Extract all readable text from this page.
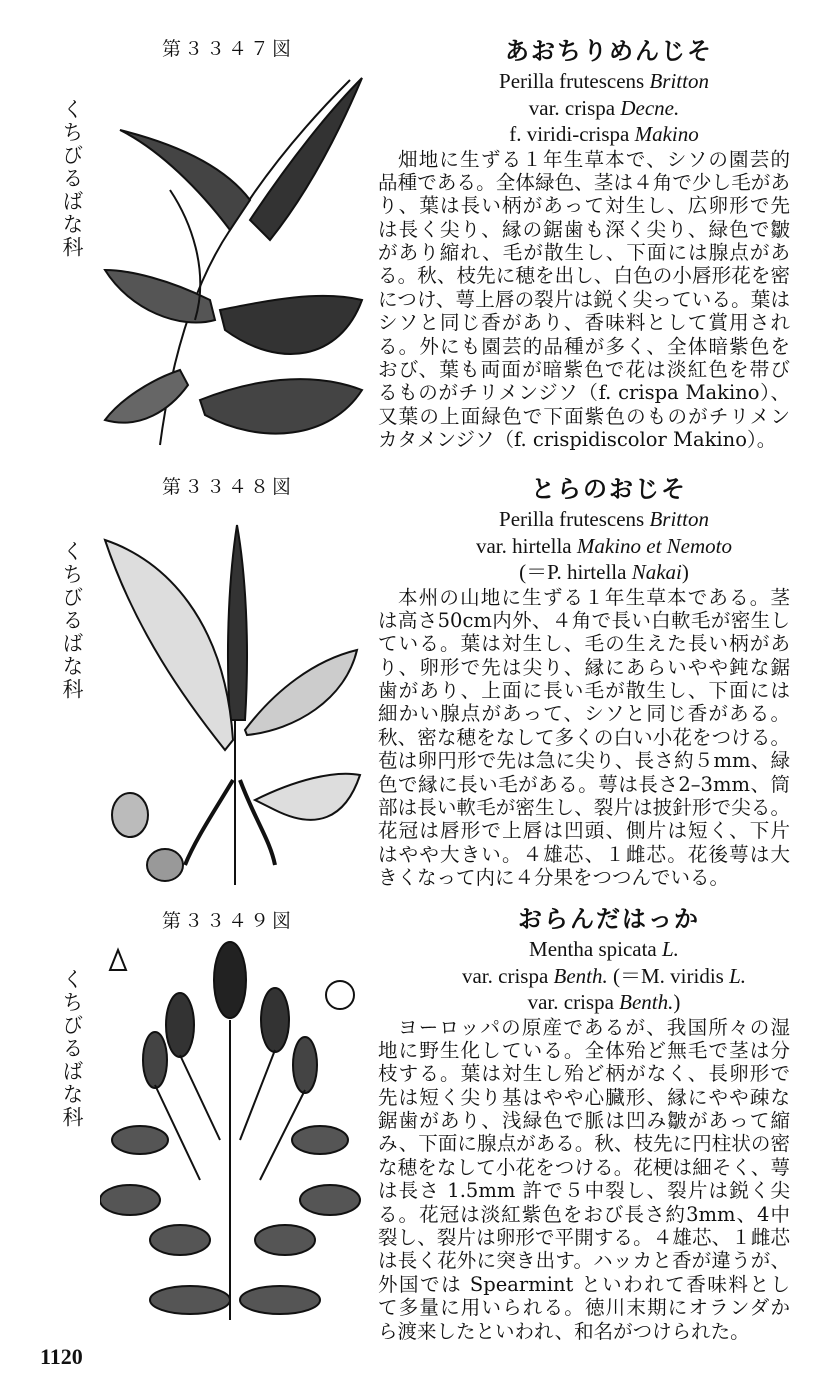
第３３４７図
くちびるばな科
あおちりめんじそ
Perilla frutescens Britton
var. crispa Decne.
f. viridi-crispa Makino
畑地に生ずる１年生草本で、シソの園芸的
品種である。全体緑色、茎は４角で少し毛があ
り、葉は長い柄があって対生し、広卵形で先
は長く尖り、縁の鋸歯も深く尖り、緑色で皺
があり縮れ、毛が散生し、下面には腺点があ
る。秋、枝先に穂を出し、白色の小唇形花を密
につけ、萼上唇の裂片は鋭く尖っている。葉は
シソと同じ香があり、香味料として賞用され
る。外にも園芸的品種が多く、全体暗紫色を
おび、葉も両面が暗紫色で花は淡紅色を帯び
るものがチリメンジソ（f. crispa Makino）、
又葉の上面緑色で下面紫色のものがチリメン
カタメンジソ（f. crispidiscolor Makino）。
第３３４８図
くちびるばな科
とらのおじそ
Perilla frutescens Britton
var. hirtella Makino et Nemoto
(＝P. hirtella Nakai)
本州の山地に生ずる１年生草本である。茎
は高さ50cm内外、４角で長い白軟毛が密生し
ている。葉は対生し、毛の生えた長い柄があ
り、卵形で先は尖り、縁にあらいやや鈍な鋸
歯があり、上面に長い毛が散生し、下面には
細かい腺点があって、シソと同じ香がある。
秋、密な穂をなして多くの白い小花をつける。
苞は卵円形で先は急に尖り、長さ約５mm、緑
色で縁に長い毛がある。萼は長さ2–3mm、筒
部は長い軟毛が密生し、裂片は披針形で尖る。
花冠は唇形で上唇は凹頭、側片は短く、下片
はやや大きい。４雄芯、１雌芯。花後萼は大
きくなって内に４分果をつつんでいる。
第３３４９図
くちびるばな科
おらんだはっか
Mentha spicata L.
var. crispa Benth. (＝M. viridis L.
var. crispa Benth.)
ヨーロッパの原産であるが、我国所々の湿
地に野生化している。全体殆ど無毛で茎は分
枝する。葉は対生し殆ど柄がなく、長卵形で
先は短く尖り基はやや心臓形、縁にやや疎な
鋸歯があり、浅緑色で脈は凹み皺があって縮
み、下面に腺点がある。秋、枝先に円柱状の密
な穂をなして小花をつける。花梗は細そく、萼
は長さ 1.5mm 許で５中裂し、裂片は鋭く尖
る。花冠は淡紅紫色をおび長さ約3mm、4中
裂し、裂片は卵形で平開する。４雄芯、１雌芯
は長く花外に突き出す。ハッカと香が違うが、
外国では Spearmint といわれて香味料とし
て多量に用いられる。徳川末期にオランダか
ら渡来したといわれ、和名がつけられた。
1120
